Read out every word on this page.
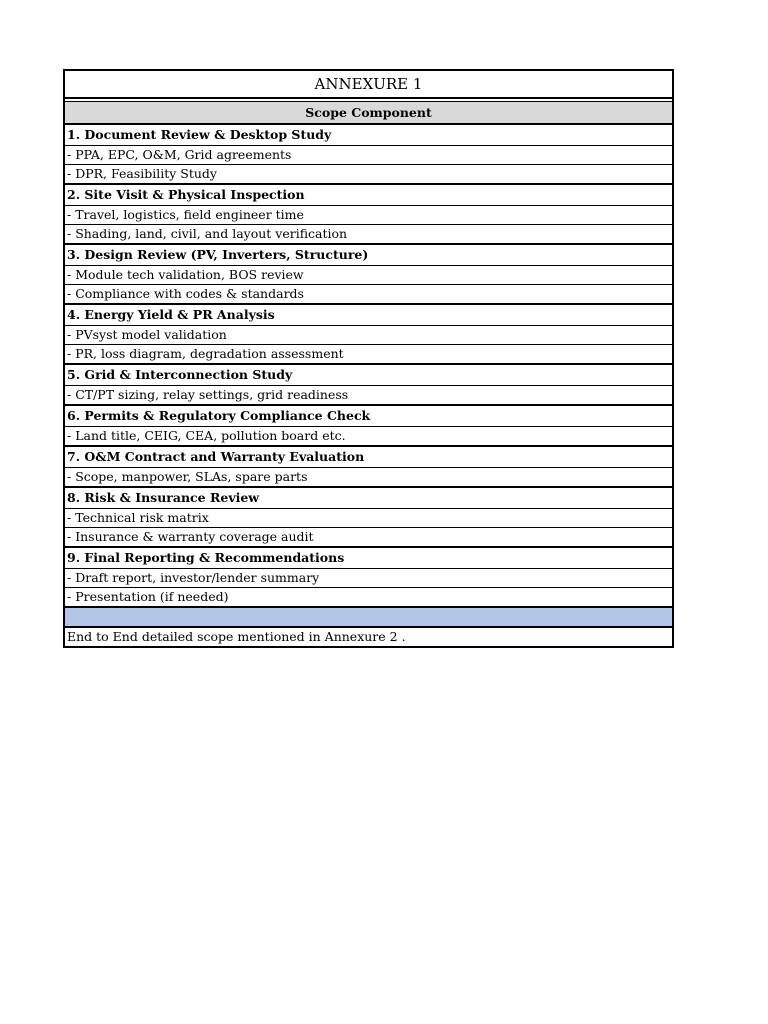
ANNEXURE 1
Scope Component
1. Document Review & Desktop Study
- PPA, EPC, O&M, Grid agreements
- DPR, Feasibility Study
2. Site Visit & Physical Inspection
- Travel, logistics, field engineer time
- Shading, land, civil, and layout verification
3. Design Review (PV, Inverters, Structure)
- Module tech validation, BOS review
- Compliance with codes & standards
4. Energy Yield & PR Analysis
- PVsyst model validation
- PR, loss diagram, degradation assessment
5. Grid & Interconnection Study
- CT/PT sizing, relay settings, grid readiness
6. Permits & Regulatory Compliance Check
- Land title, CEIG, CEA, pollution board etc.
7. O&M Contract and Warranty Evaluation
- Scope, manpower, SLAs, spare parts
8. Risk & Insurance Review
- Technical risk matrix
- Insurance & warranty coverage audit
9. Final Reporting & Recommendations
- Draft report, investor/lender summary
- Presentation (if needed)
End to End detailed scope mentioned in Annexure 2 .
